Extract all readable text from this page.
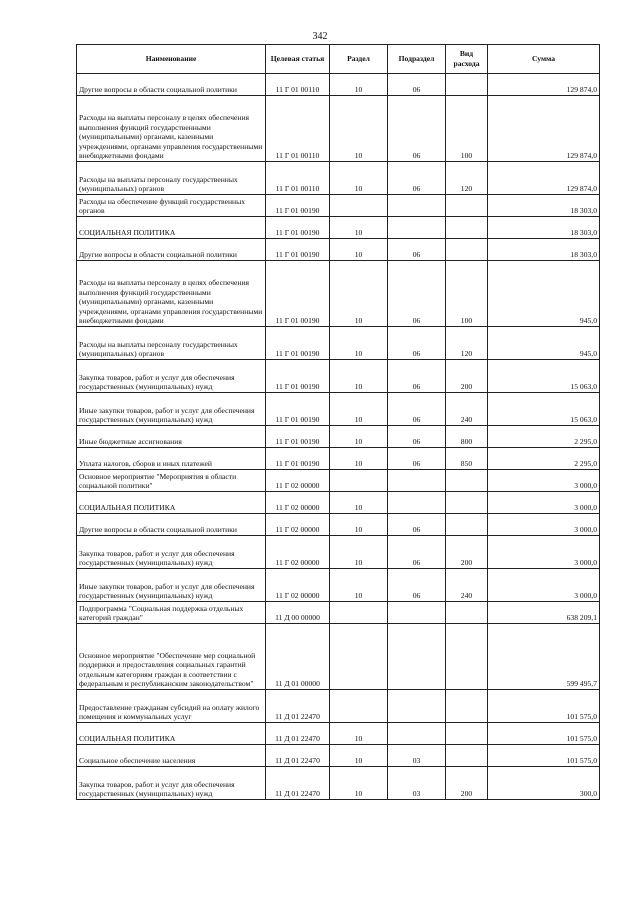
342
Наименование	Целевая статья	Раздел	Подраздел	Вид расхода	Сумма
Другие вопросы в области социальной политики	11 Г 01 00110	10	06		129 874,0
Расходы на выплаты персоналу в целях обеспечения выполнения функций государственными (муниципальными) органами, казенными учреждениями, органами управления государственными внебюджетными фондами	11 Г 01 00110	10	06	100	129 874,0
Расходы на выплаты персоналу государственных (муниципальных) органов	11 Г 01 00110	10	06	120	129 874,0
Расходы на обеспечение функций государственных органов	11 Г 01 00190				18 303,0
СОЦИАЛЬНАЯ ПОЛИТИКА	11 Г 01 00190	10			18 303,0
Другие вопросы в области социальной политики	11 Г 01 00190	10	06		18 303,0
Расходы на выплаты персоналу в целях обеспечения выполнения функций государственными (муниципальными) органами, казенными учреждениями, органами управления государственными внебюджетными фондами	11 Г 01 00190	10	06	100	945,0
Расходы на выплаты персоналу государственных (муниципальных) органов	11 Г 01 00190	10	06	120	945,0
Закупка товаров, работ и услуг для обеспечения государственных (муниципальных) нужд	11 Г 01 00190	10	06	200	15 063,0
Иные закупки товаров, работ и услуг для обеспечения государственных (муниципальных) нужд	11 Г 01 00190	10	06	240	15 063,0
Иные бюджетные ассигнования	11 Г 01 00190	10	06	800	2 295,0
Уплата налогов, сборов и иных платежей	11 Г 01 00190	10	06	850	2 295,0
Основное мероприятие "Мероприятия в области социальной политики"	11 Г 02 00000				3 000,0
СОЦИАЛЬНАЯ ПОЛИТИКА	11 Г 02 00000	10			3 000,0
Другие вопросы в области социальной политики	11 Г 02 00000	10	06		3 000,0
Закупка товаров, работ и услуг для обеспечения государственных (муниципальных) нужд	11 Г 02 00000	10	06	200	3 000,0
Иные закупки товаров, работ и услуг для обеспечения государственных (муниципальных) нужд	11 Г 02 00000	10	06	240	3 000,0
Подпрограмма "Социальная поддержка отдельных категорий граждан"	11 Д 00 00000				638 209,1
Основное мероприятие "Обеспечение мер социальной поддержки и предоставления социальных гарантий отдельным категориям граждан в соответствии с федеральным и республиканским законодательством"	11 Д 01 00000				599 495,7
Предоставление гражданам субсидий на оплату жилого помещения и коммунальных услуг	11 Д 01 22470				101 575,0
СОЦИАЛЬНАЯ ПОЛИТИКА	11 Д 01 22470	10			101 575,0
Социальное обеспечение населения	11 Д 01 22470	10	03		101 575,0
Закупка товаров, работ и услуг для обеспечения государственных (муниципальных) нужд	11 Д 01 22470	10	03	200	300,0
